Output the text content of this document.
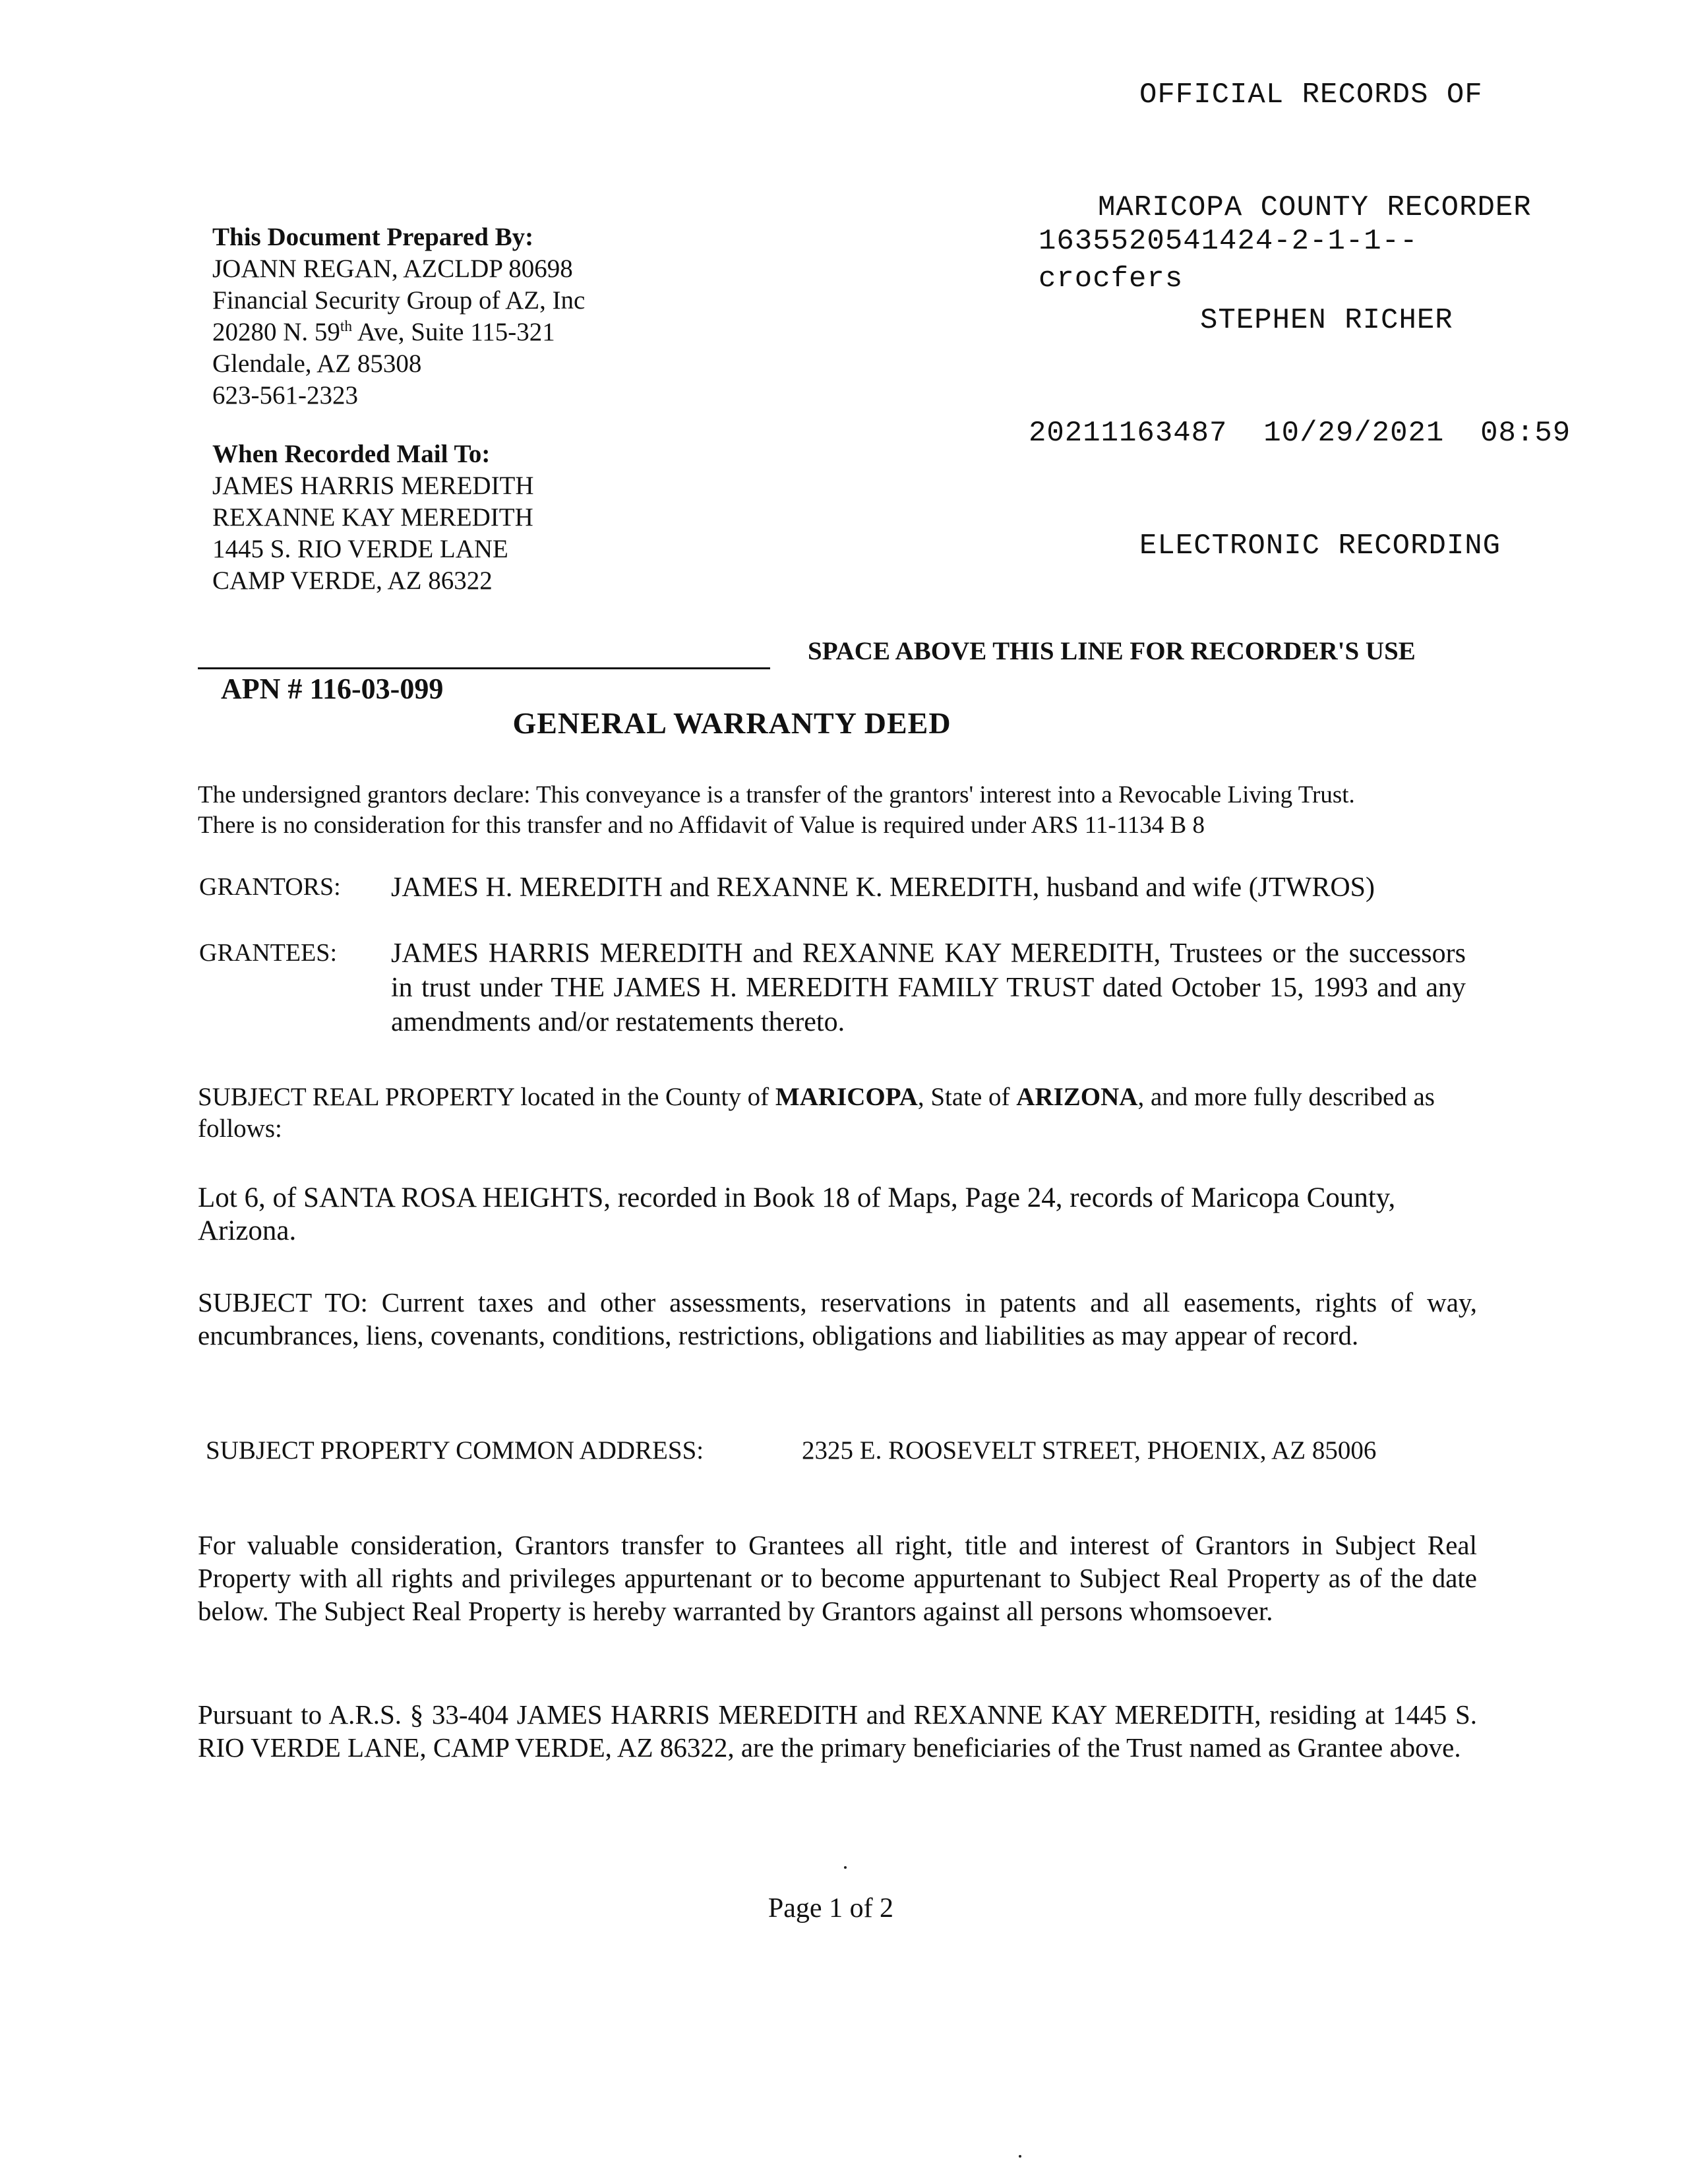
OFFICIAL RECORDS OF

MARICOPA COUNTY RECORDER

STEPHEN RICHER

20211163487  10/29/2021  08:59

ELECTRONIC RECORDING

1635520541424-2-1-1--
crocfers
This Document Prepared By:
JOANN REGAN, AZCLDP 80698
Financial Security Group of AZ, Inc
20280 N. 59th Ave, Suite 115-321
Glendale, AZ 85308
623-561-2323
When Recorded Mail To:
JAMES HARRIS MEREDITH
REXANNE KAY MEREDITH
1445 S. RIO VERDE LANE
CAMP VERDE, AZ 86322
SPACE ABOVE THIS LINE FOR RECORDER'S USE
APN # 116-03-099
GENERAL WARRANTY DEED
The undersigned grantors declare: This conveyance is a transfer of the grantors' interest into a Revocable Living Trust.
There is no consideration for this transfer and no Affidavit of Value is required under ARS 11-1134 B 8
GRANTORS: JAMES H. MEREDITH and REXANNE K. MEREDITH, husband and wife (JTWROS)
GRANTEES: JAMES HARRIS MEREDITH and REXANNE KAY MEREDITH, Trustees or the successors in trust under THE JAMES H. MEREDITH FAMILY TRUST dated October 15, 1993 and any amendments and/or restatements thereto.
SUBJECT REAL PROPERTY located in the County of MARICOPA, State of ARIZONA, and more fully described as follows:
Lot 6, of SANTA ROSA HEIGHTS, recorded in Book 18 of Maps, Page 24, records of Maricopa County, Arizona.
SUBJECT TO: Current taxes and other assessments, reservations in patents and all easements, rights of way, encumbrances, liens, covenants, conditions, restrictions, obligations and liabilities as may appear of record.
SUBJECT PROPERTY COMMON ADDRESS:	2325 E. ROOSEVELT STREET, PHOENIX, AZ 85006
For valuable consideration, Grantors transfer to Grantees all right, title and interest of Grantors in Subject Real Property with all rights and privileges appurtenant or to become appurtenant to Subject Real Property as of the date below. The Subject Real Property is hereby warranted by Grantors against all persons whomsoever.
Pursuant to A.R.S. § 33-404 JAMES HARRIS MEREDITH and REXANNE KAY MEREDITH, residing at 1445 S. RIO VERDE LANE, CAMP VERDE, AZ 86322, are the primary beneficiaries of the Trust named as Grantee above.
Page 1 of 2
